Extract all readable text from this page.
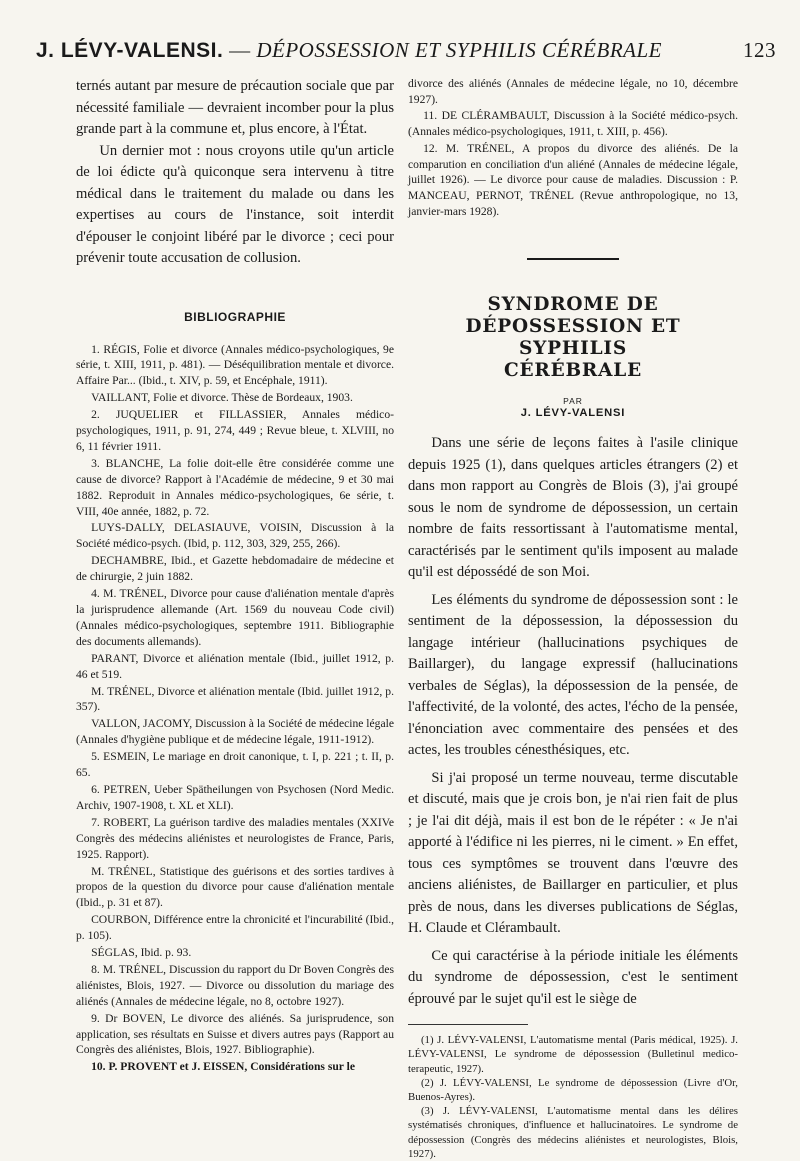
J. LÉVY-VALENSI. — DÉPOSSESSION ET SYPHILIS CÉRÉBRALE	123

ternés autant par mesure de précaution sociale que par nécessité familiale — devraient incomber pour la plus grande part à la commune et, plus encore, à l'État.

Un dernier mot : nous croyons utile qu'un article de loi édicte qu'à quiconque sera intervenu à titre médical dans le traitement du malade ou dans les expertises au cours de l'instance, soit interdit d'épouser le conjoint libéré par le divorce ; ceci pour prévenir toute accusation de collusion.

BIBLIOGRAPHIE

1. RÉGIS, Folie et divorce (Annales médico-psychologiques, 9e série, t. XIII, 1911, p. 481). — Déséquilibration mentale et divorce. Affaire Par... (Ibid., t. XIV, p. 59, et Encéphale, 1911).

VAILLANT, Folie et divorce. Thèse de Bordeaux, 1903.

2. JUQUELIER et FILLASSIER, Annales médico-psychologiques, 1911, p. 91, 274, 449 ; Revue bleue, t. XLVIII, no 6, 11 février 1911.

3. BLANCHE, La folie doit-elle être considérée comme une cause de divorce? Rapport à l'Académie de médecine, 9 et 30 mai 1882. Reproduit in Annales médico-psychologiques, 6e série, t. VIII, 40e année, 1882, p. 72.

LUYS-DALLY, DELASIAUVE, VOISIN, Discussion à la Société médico-psych. (Ibid, p. 112, 303, 329, 255, 266).

DECHAMBRE, Ibid., et Gazette hebdomadaire de médecine et de chirurgie, 2 juin 1882.

4. M. TRÉNEL, Divorce pour cause d'aliénation mentale d'après la jurisprudence allemande (Art. 1569 du nouveau Code civil) (Annales médico-psychologiques, septembre 1911. Bibliographie des documents allemands).

PARANT, Divorce et aliénation mentale (Ibid., juillet 1912, p. 46 et 519.

M. TRÉNEL, Divorce et aliénation mentale (Ibid. juillet 1912, p. 357).

VALLON, JACOMY, Discussion à la Société de médecine légale (Annales d'hygiène publique et de médecine légale, 1911-1912).

5. ESMEIN, Le mariage en droit canonique, t. I, p. 221 ; t. II, p. 65.

6. PETREN, Ueber Spätheilungen von Psychosen (Nord Medic. Archiv, 1907-1908, t. XL et XLI).

7. ROBERT, La guérison tardive des maladies mentales (XXIVe Congrès des médecins aliénistes et neurologistes de France, Paris, 1925. Rapport).

M. TRÉNEL, Statistique des guérisons et des sorties tardives à propos de la question du divorce pour cause d'aliénation mentale (Ibid., p. 31 et 87).

COURBON, Différence entre la chronicité et l'incurabilité (Ibid., p. 105).

SÉGLAS, Ibid. p. 93.

8. M. TRÉNEL, Discussion du rapport du Dr Boven Congrès des aliénistes, Blois, 1927. — Divorce ou dissolution du mariage des aliénés (Annales de médecine légale, no 8, octobre 1927).

9. Dr BOVEN, Le divorce des aliénés. Sa jurisprudence, son application, ses résultats en Suisse et divers autres pays (Rapport au Congrès des aliénistes, Blois, 1927. Bibliographie).

10. P. PROVENT et J. EISSEN, Considérations sur le

divorce des aliénés (Annales de médecine légale, no 10, décembre 1927).

11. DE CLÉRAMBAULT, Discussion à la Société médico-psych. (Annales médico-psychologiques, 1911, t. XIII, p. 456).

12. M. TRÉNEL, A propos du divorce des aliénés. De la comparution en conciliation d'un aliéné (Annales de médecine légale, juillet 1926). — Le divorce pour cause de maladies. Discussion : P. MANCEAU, PERNOT, TRÉNEL (Revue anthropologique, no 13, janvier-mars 1928).

SYNDROME DE
DÉPOSSESSION ET SYPHILIS
CÉRÉBRALE
PAR
J. LÉVY-VALENSI

Dans une série de leçons faites à l'asile clinique depuis 1925 (1), dans quelques articles étrangers (2) et dans mon rapport au Congrès de Blois (3), j'ai groupé sous le nom de syndrome de dépossession, un certain nombre de faits ressortissant à l'automatisme mental, caractérisés par le sentiment qu'ils imposent au malade qu'il est dépossédé de son Moi.

Les éléments du syndrome de dépossession sont : le sentiment de la dépossession, la dépossession du langage intérieur (hallucinations psychiques de Baillarger), du langage expressif (hallucinations verbales de Séglas), la dépossession de la pensée, de l'affectivité, de la volonté, des actes, l'écho de la pensée, l'énonciation avec commentaire des pensées et des actes, les troubles cénesthésiques, etc.

Si j'ai proposé un terme nouveau, terme discutable et discuté, mais que je crois bon, je n'ai rien fait de plus ; je l'ai dit déjà, mais il est bon de le répéter : « Je n'ai apporté à l'édifice ni les pierres, ni le ciment. » En effet, tous ces symptômes se trouvent dans l'œuvre des anciens aliénistes, de Baillarger en particulier, et plus près de nous, dans les diverses publications de Séglas, H. Claude et Clérambault.

Ce qui caractérise à la période initiale les éléments du syndrome de dépossession, c'est le sentiment éprouvé par le sujet qu'il est le siège de

(1) J. LÉVY-VALENSI, L'automatisme mental (Paris médical, 1925). J. LÉVY-VALENSI, Le syndrome de dépossession (Bulletinul medico-terapeutic, 1927).

(2) J. LÉVY-VALENSI, Le syndrome de dépossession (Livre d'Or, Buenos-Ayres).

(3) J. LÉVY-VALENSI, L'automatisme mental dans les délires systématisés chroniques, d'influence et hallucinatoires. Le syndrome de dépossession (Congrès des médecins aliénistes et neurologistes, Blois, 1927).
